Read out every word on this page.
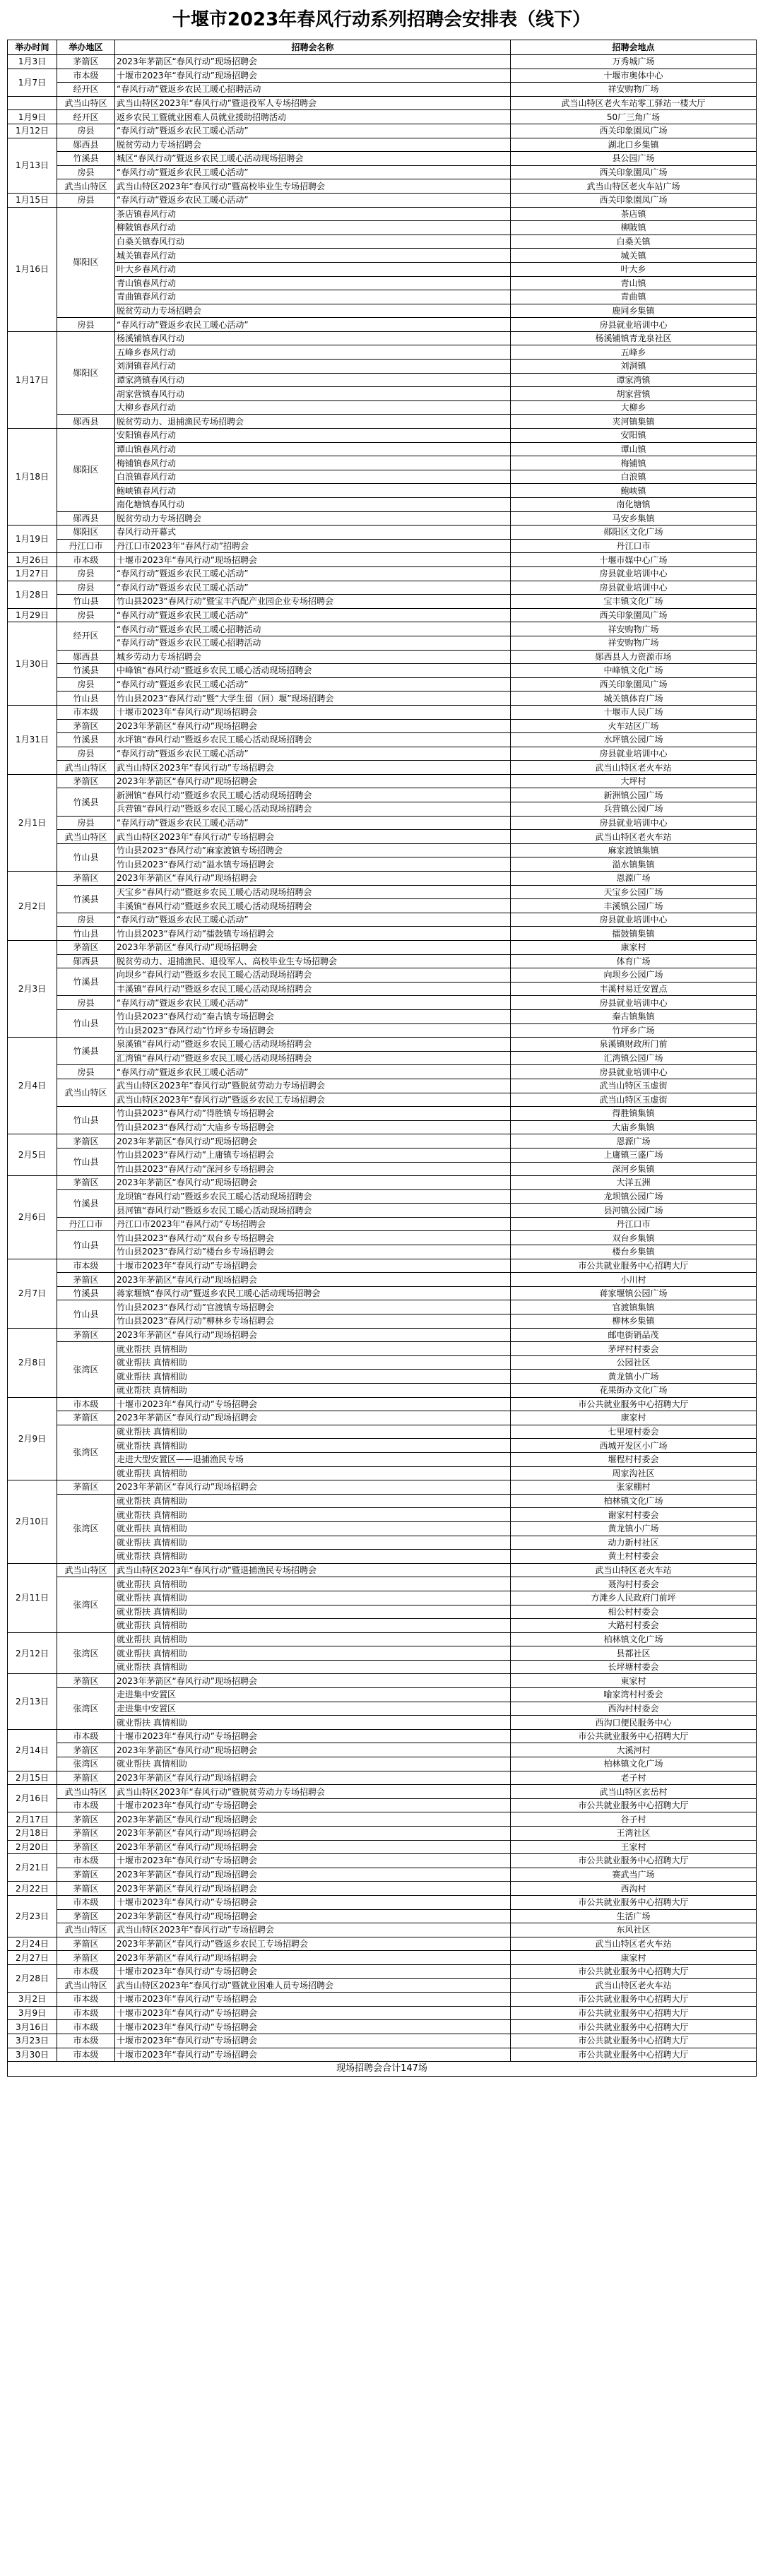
十堰市2023年春风行动系列招聘会安排表（线下）
举办时间	举办地区	招聘会名称	招聘会地点
1月3日	茅箭区	2023年茅箭区“春风行动”现场招聘会	万秀城广场
1月7日	市本级	十堰市2023年“春风行动”现场招聘会	十堰市奥体中心
	经开区	“春风行动”暨返乡农民工暖心招聘活动	祥安购物广场
	武当山特区	武当山特区2023年“春风行动”暨退役军人专场招聘会	武当山特区老火车站零工驿站一楼大厅
1月9日	经开区	返乡农民工暨就业困难人员就业援助招聘活动	50厂三角广场
1月12日	房县	“春风行动”暨返乡农民工暖心活动”	西关印象園凤广场
1月13日	郧西县	脱贫劳动力专场招聘会	湖北口乡集镇
	竹溪县	城区“春风行动”暨返乡农民工暖心活动现场招聘会	县公园广场
	房县	“春风行动”暨返乡农民工暖心活动”	西关印象園凤广场
	武当山特区	武当山特区2023年“春风行动”暨高校毕业生专场招聘会	武当山特区老火车站广场
1月15日	房县	“春风行动”暨返乡农民工暖心活动”	西关印象園凤广场
1月16日	郧阳区	茶店镇春风行动	茶店镇
		柳陂镇春风行动	柳陂镇
		白桑关镇春风行动	白桑关镇
		城关镇春风行动	城关镇
		叶大乡春风行动	叶大乡
		青山镇春风行动	青山镇
		青曲镇春风行动	青曲镇
		脱贫劳动力专场招聘会	鹿同乡集镇
	房县	“春风行动”暨返乡农民工暖心活动”	房县就业培训中心
1月17日	郧阳区	杨溪铺镇春风行动	杨溪铺镇青龙泉社区
		五峰乡春风行动	五峰乡
		刘洞镇春风行动	刘洞镇
		谭家湾镇春风行动	谭家湾镇
		胡家营镇春风行动	胡家营镇
		大柳乡春风行动	大柳乡
	郧西县	脱贫劳动力、退捕渔民专场招聘会	夹河镇集镇
1月18日	郧阳区	安阳镇春风行动	安阳镇
		谭山镇春风行动	谭山镇
		梅铺镇春风行动	梅铺镇
		白浪镇春风行动	白浪镇
		鲍峡镇春风行动	鲍峡镇
		南化塘镇春风行动	南化塘镇
	郧西县	脱贫劳动力专场招聘会	马安乡集镇
1月19日	郧阳区	春风行动开幕式	郧阳区文化广场
	丹江口市	丹江口市2023年“春风行动”招聘会	丹江口市
1月26日	市本级	十堰市2023年“春风行动”现场招聘会	十堰市媒中心广场
1月27日	房县	“春风行动”暨返乡农民工暖心活动”	房县就业培训中心
1月28日	房县	“春风行动”暨返乡农民工暖心活动”	房县就业培训中心
	竹山县	竹山县2023“春风行动”暨宝丰汽配产业园企业专场招聘会	宝丰镇文化广场
1月29日	房县	“春风行动”暨返乡农民工暖心活动”	西关印象園凤广场
1月30日	经开区	“春风行动”暨返乡农民工暖心招聘活动	祥安购物广场
		“春风行动”暨返乡农民工暖心招聘活动	祥安购物广场
	郧西县	城乡劳动力专场招聘会	郧西县人力资源市场
	竹溪县	中峰镇“春风行动”暨返乡农民工暖心活动现场招聘会	中峰镇文化广场
	房县	“春风行动”暨返乡农民工暖心活动”	西关印象園凤广场
	竹山县	竹山县2023“春风行动”暨“大学生留（回）堰”现场招聘会	城关镇体育广场
1月31日	市本级	十堰市2023年“春风行动”现场招聘会	十堰市人民广场
	茅箭区	2023年茅箭区“春风行动”现场招聘会	火车站区广场
	竹溪县	水坪镇“春风行动”暨返乡农民工暖心活动现场招聘会	水坪镇公园广场
	房县	“春风行动”暨返乡农民工暖心活动”	房县就业培训中心
	武当山特区	武当山特区2023年“春风行动”专场招聘会	武当山特区老火车站
2月1日	茅箭区	2023年茅箭区“春风行动”现场招聘会	大坪村
	竹溪县	新洲镇“春风行动”暨返乡农民工暖心活动现场招聘会	新洲镇公园广场
		兵营镇“春风行动”暨返乡农民工暖心活动现场招聘会	兵营镇公园广场
	房县	“春风行动”暨返乡农民工暖心活动”	房县就业培训中心
	武当山特区	武当山特区2023年“春风行动”专场招聘会	武当山特区老火车站
	竹山县	竹山县2023“春风行动”麻家渡镇专场招聘会	麻家渡镇集镇
		竹山县2023“春风行动”溢水镇专场招聘会	溢水镇集镇
2月2日	茅箭区	2023年茅箭区“春风行动”现场招聘会	恩源广场
	竹溪县	天宝乡“春风行动”暨返乡农民工暖心活动现场招聘会	天宝乡公园广场
		丰溪镇“春风行动”暨返乡农民工暖心活动现场招聘会	丰溪镇公园广场
	房县	“春风行动”暨返乡农民工暖心活动”	房县就业培训中心
	竹山县	竹山县2023“春风行动”擂鼓镇专场招聘会	擂鼓镇集镇
2月3日	茅箭区	2023年茅箭区“春风行动”现场招聘会	康家村
	郧西县	脱贫劳动力、退捕渔民、退役军人、高校毕业生专场招聘会	体育广场
	竹溪县	向坝乡“春风行动”暨返乡农民工暖心活动现场招聘会	向坝乡公园广场
		丰溪镇“春风行动”暨返乡农民工暖心活动现场招聘会	丰溪村易迁安置点
	房县	“春风行动”暨返乡农民工暖心活动”	房县就业培训中心
	竹山县	竹山县2023“春风行动”秦古镇专场招聘会	秦古镇集镇
		竹山县2023“春风行动”竹坪乡专场招聘会	竹坪乡广场
2月4日	竹溪县	泉溪镇“春风行动”暨返乡农民工暖心活动现场招聘会	泉溪镇财政所门前
		汇湾镇“春风行动”暨返乡农民工暖心活动现场招聘会	汇湾镇公园广场
	房县	“春风行动”暨返乡农民工暖心活动”	房县就业培训中心
	武当山特区	武当山特区2023年“春风行动”暨脱贫劳动力专场招聘会	武当山特区玉虚街
		武当山特区2023年“春风行动”暨返乡农民工专场招聘会	武当山特区玉虚街
	竹山县	竹山县2023“春风行动”得胜镇专场招聘会	得胜镇集镇
		竹山县2023“春风行动”大庙乡专场招聘会	大庙乡集镇
2月5日	茅箭区	2023年茅箭区“春风行动”现场招聘会	恩源广场
	竹山县	竹山县2023“春风行动”上庸镇专场招聘会	上庸镇三盛广场
		竹山县2023“春风行动”深河乡专场招聘会	深河乡集镇
2月6日	茅箭区	2023年茅箭区“春风行动”现场招聘会	大洋五洲
	竹溪县	龙坝镇“春风行动”暨返乡农民工暖心活动现场招聘会	龙坝镇公园广场
		县河镇“春风行动”暨返乡农民工暖心活动现场招聘会	县河镇公园广场
	丹江口市	丹江口市2023年“春风行动”专场招聘会	丹江口市
	竹山县	竹山县2023“春风行动”双台乡专场招聘会	双台乡集镇
		竹山县2023“春风行动”楼台乡专场招聘会	楼台乡集镇
2月7日	市本级	十堰市2023年“春风行动”专场招聘会	市公共就业服务中心招聘大厅
	茅箭区	2023年茅箭区“春风行动”现场招聘会	小川村
	竹溪县	蒋家堰镇“春风行动”暨返乡农民工暖心活动现场招聘会	蒋家堰镇公园广场
	竹山县	竹山县2023“春风行动”官渡镇专场招聘会	官渡镇集镇
		竹山县2023“春风行动”柳林乡专场招聘会	柳林乡集镇
2月8日	茅箭区	2023年茅箭区“春风行动”现场招聘会	邮电街销品茂
	张湾区	就业帮扶 真情相助	茅坪村村委会
		就业帮扶 真情相助	公园社区
		就业帮扶 真情相助	黄龙镇小广场
		就业帮扶 真情相助	花果街办文化广场
2月9日	市本级	十堰市2023年“春风行动”专场招聘会	市公共就业服务中心招聘大厅
	茅箭区	2023年茅箭区“春风行动”现场招聘会	康家村
	张湾区	就业帮扶 真情相助	七里垭村委会
		就业帮扶 真情相助	西城开发区小广场
		走进大型安置区——退捕渔民专场	堰程村村委会
		就业帮扶 真情相助	周家沟社区
2月10日	茅箭区	2023年茅箭区“春风行动”现场招聘会	张家棚村
	张湾区	就业帮扶 真情相助	柏林镇文化广场
		就业帮扶 真情相助	谢家村村委会
		就业帮扶 真情相助	黄龙镇小广场
		就业帮扶 真情相助	动力新村社区
		就业帮扶 真情相助	黄土村村委会
2月11日	武当山特区	武当山特区2023年“春风行动”暨退捕渔民专场招聘会	武当山特区老火车站
	张湾区	就业帮扶 真情相助	聂沟村村委会
		就业帮扶 真情相助	方滩乡人民政府门前坪
		就业帮扶 真情相助	相公村村委会
		就业帮扶 真情相助	大路村村委会
2月12日	张湾区	就业帮扶 真情相助	柏林镇文化广场
		就业帮扶 真情相助	县都社区
		就业帮扶 真情相助	长坪塘村委会
2月13日	茅箭区	2023年茅箭区“春风行动”现场招聘会	東家村
	张湾区	走进集中安置区	喻家湾村村委会
		走进集中安置区	西沟村村委会
		就业帮扶 真情相助	西沟口便民服务中心
2月14日	市本级	十堰市2023年“春风行动”专场招聘会	市公共就业服务中心招聘大厅
	茅箭区	2023年茅箭区“春风行动”现场招聘会	大溪河村
	张湾区	就业帮扶 真情相助	柏林镇文化广场
2月15日	茅箭区	2023年茅箭区“春风行动”现场招聘会	老子村
2月16日	武当山特区	武当山特区2023年“春风行动”暨脱贫劳动力专场招聘会	武当山特区玄岳村
	市本级	十堰市2023年“春风行动”专场招聘会	市公共就业服务中心招聘大厅
2月17日	茅箭区	2023年茅箭区“春风行动”现场招聘会	谷子村
2月18日	茅箭区	2023年茅箭区“春风行动”现场招聘会	王湾社区
2月20日	茅箭区	2023年茅箭区“春风行动”现场招聘会	王家村
2月21日	市本级	十堰市2023年“春风行动”专场招聘会	市公共就业服务中心招聘大厅
	茅箭区	2023年茅箭区“春风行动”现场招聘会	赛武当广场
2月22日	茅箭区	2023年茅箭区“春风行动”现场招聘会	西沟村
2月23日	市本级	十堰市2023年“春风行动”专场招聘会	市公共就业服务中心招聘大厅
	茅箭区	2023年茅箭区“春风行动”现场招聘会	生活广场
	武当山特区	武当山特区2023年“春风行动”专场招聘会	东风社区
2月24日	茅箭区	2023年茅箭区“春风行动”暨返乡农民工专场招聘会	武当山特区老火车站
2月27日	茅箭区	2023年茅箭区“春风行动”现场招聘会	康家村
2月28日	市本级	十堰市2023年“春风行动”专场招聘会	市公共就业服务中心招聘大厅
	武当山特区	武当山特区2023年“春风行动”暨就业困难人员专场招聘会	武当山特区老火车站
3月2日	市本级	十堰市2023年“春风行动”专场招聘会	市公共就业服务中心招聘大厅
3月9日	市本级	十堰市2023年“春风行动”专场招聘会	市公共就业服务中心招聘大厅
3月16日	市本级	十堰市2023年“春风行动”专场招聘会	市公共就业服务中心招聘大厅
3月23日	市本级	十堰市2023年“春风行动”专场招聘会	市公共就业服务中心招聘大厅
3月30日	市本级	十堰市2023年“春风行动”专场招聘会	市公共就业服务中心招聘大厅
现场招聘会合计147场			
